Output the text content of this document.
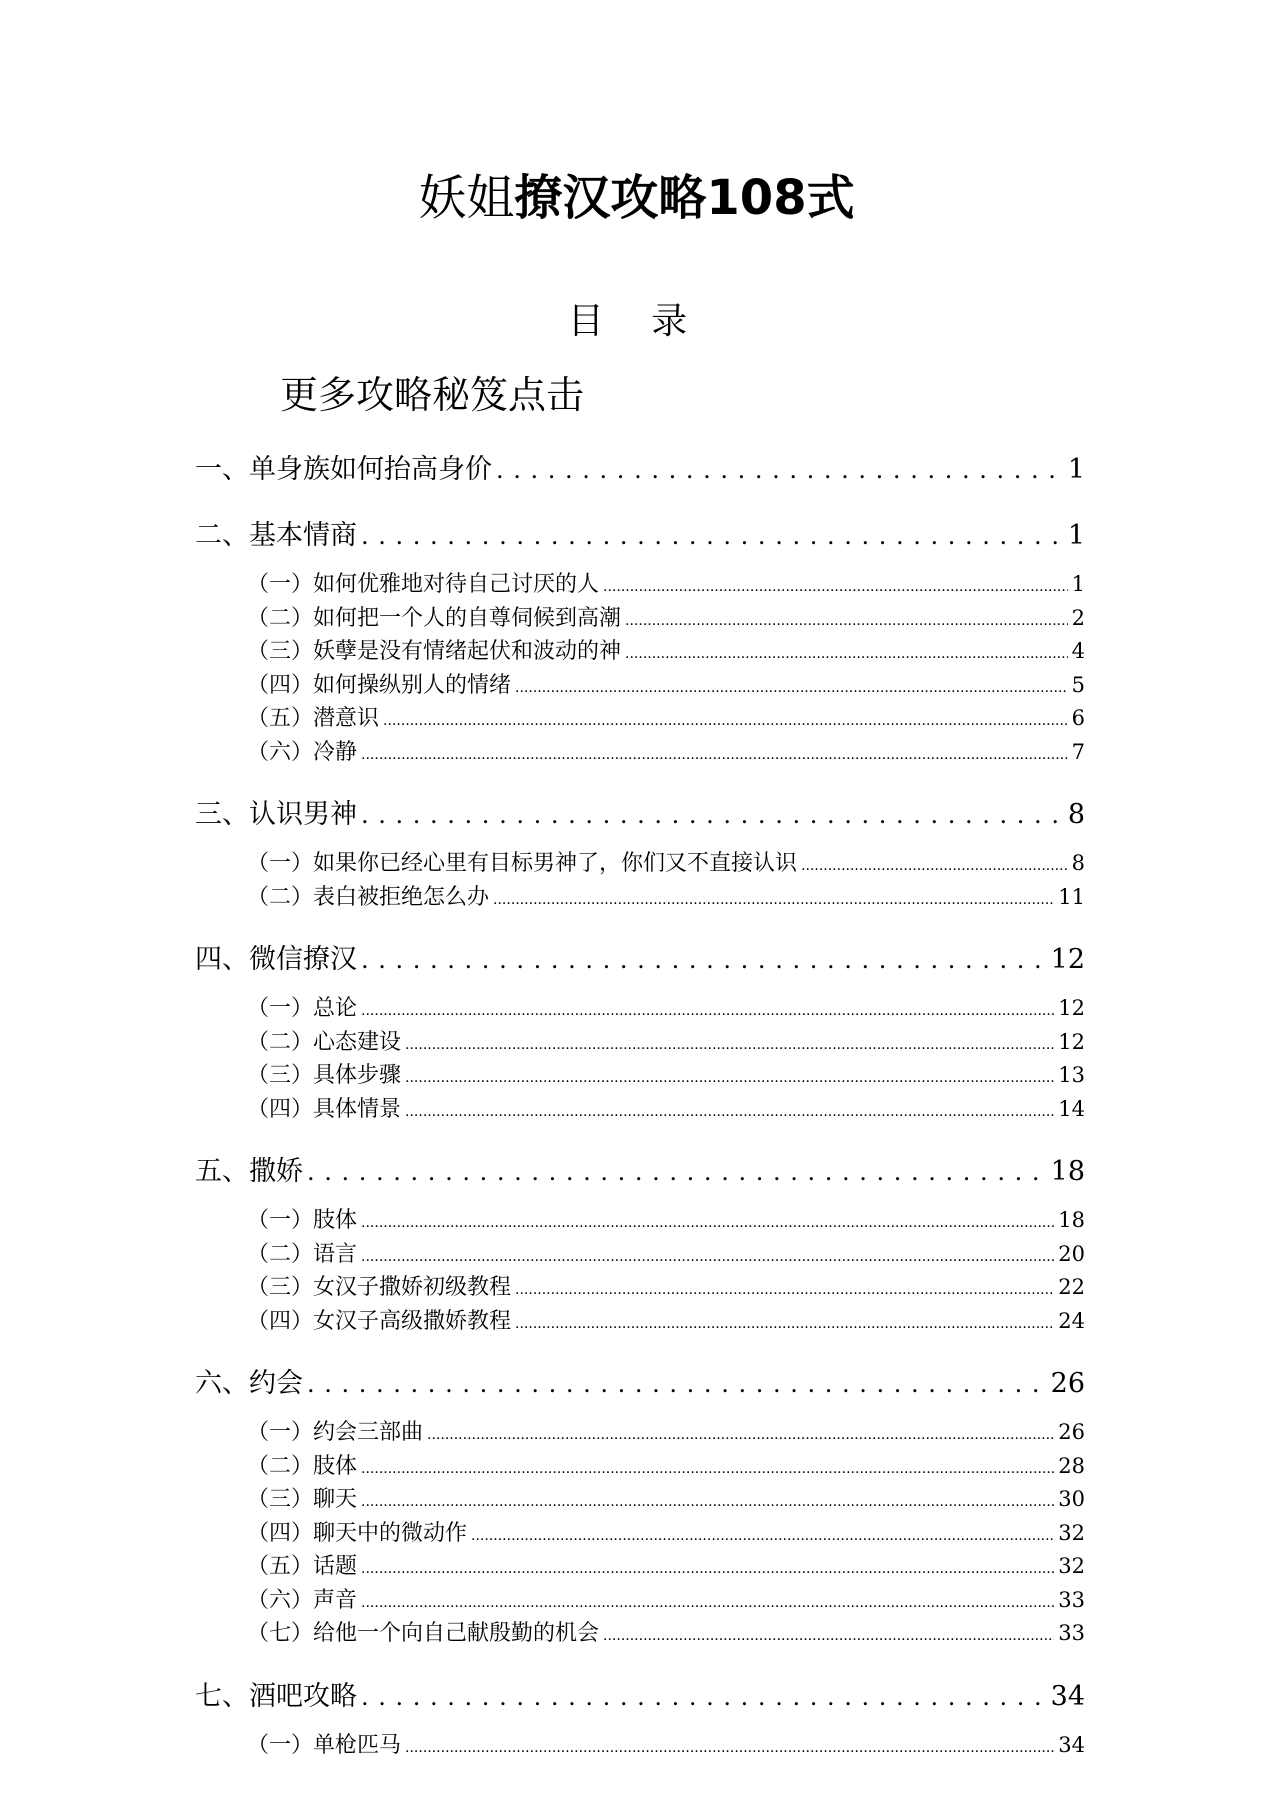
妖姐撩汉攻略108式
目 录
更多攻略秘笈点击
一、单身族如何抬高身价 . . .	1
二、基本情商 . . .	1
（一）如何优雅地对待自己讨厌的人 .....	1
（二）如何把一个人的自尊伺候到高潮 .....	2
（三）妖孽是没有情绪起伏和波动的神 .....	4
（四）如何操纵别人的情绪 .....	5
（五）潜意识 .....	6
（六）冷静 .....	7
三、认识男神 . . .	8
（一）如果你已经心里有目标男神了，你们又不直接认识 .....	8
（二）表白被拒绝怎么办 .....	11
四、微信撩汉 . . .	12
（一）总论 .....	12
（二）心态建设 .....	12
（三）具体步骤 .....	13
（四）具体情景 .....	14
五、撒娇 . . .	18
（一）肢体 .....	18
（二）语言 .....	20
（三）女汉子撒娇初级教程 .....	22
（四）女汉子高级撒娇教程 .....	24
六、约会 . . .	26
（一）约会三部曲 .....	26
（二）肢体 .....	28
（三）聊天 .....	30
（四）聊天中的微动作 .....	32
（五）话题 .....	32
（六）声音 .....	33
（七）给他一个向自己献殷勤的机会 .....	33
七、酒吧攻略 . . .	34
（一）单枪匹马 .....	34
